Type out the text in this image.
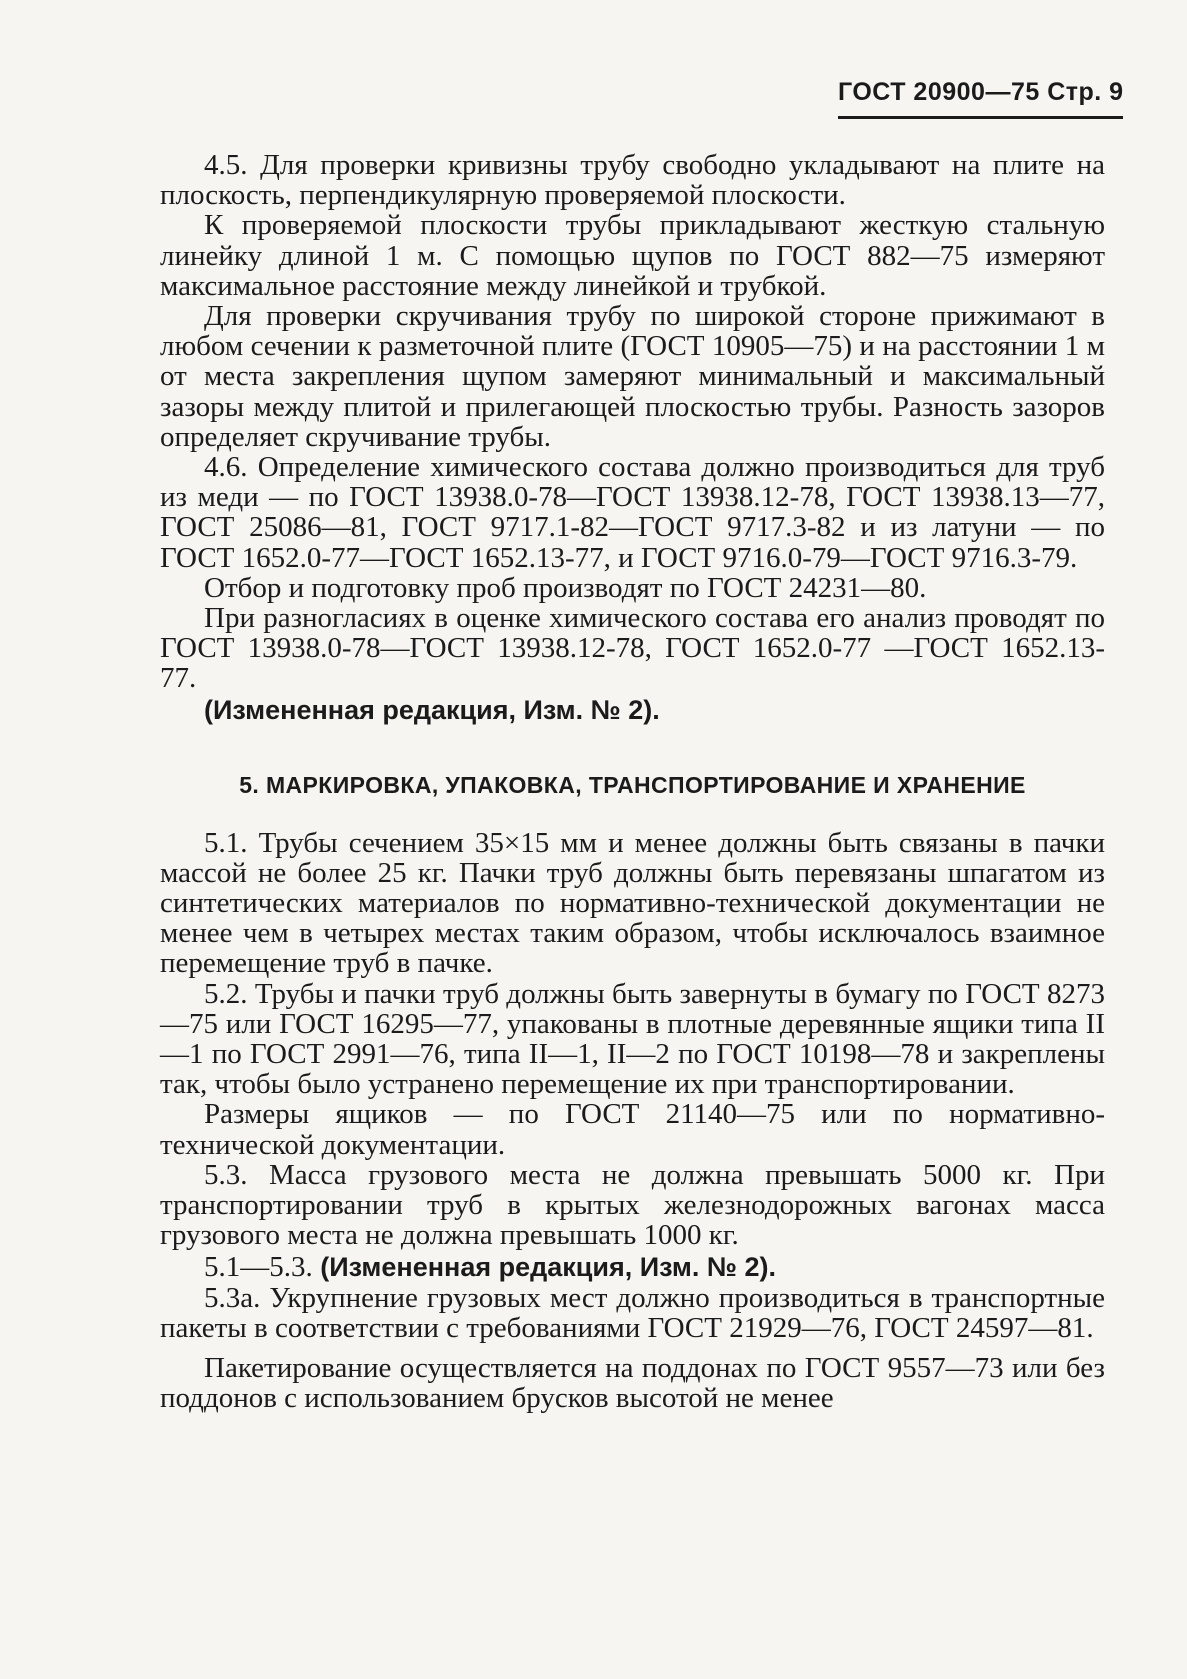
ГОСТ 20900—75 Стр. 9

4.5. Для проверки кривизны трубу свободно укладывают на плите на плоскость, перпендикулярную проверяемой плоскости.

К проверяемой плоскости трубы прикладывают жесткую стальную линейку длиной 1 м. С помощью щупов по ГОСТ 882—75 измеряют максимальное расстояние между линейкой и трубкой.

Для проверки скручивания трубу по широкой стороне прижимают в любом сечении к разметочной плите (ГОСТ 10905—75) и на расстоянии 1 м от места закрепления щупом замеряют минимальный и максимальный зазоры между плитой и прилегающей плоскостью трубы. Разность зазоров определяет скручивание трубы.

4.6. Определение химического состава должно производиться для труб из меди — по ГОСТ 13938.0-78—ГОСТ 13938.12-78, ГОСТ 13938.13—77, ГОСТ 25086—81, ГОСТ 9717.1-82—ГОСТ 9717.3-82 и из латуни — по ГОСТ 1652.0-77—ГОСТ 1652.13-77, и ГОСТ 9716.0-79—ГОСТ 9716.3-79.

Отбор и подготовку проб производят по ГОСТ 24231—80.

При разногласиях в оценке химического состава его анализ проводят по ГОСТ 13938.0-78—ГОСТ 13938.12-78, ГОСТ 1652.0-77 —ГОСТ 1652.13-77.

(Измененная редакция, Изм. № 2).

5. МАРКИРОВКА, УПАКОВКА, ТРАНСПОРТИРОВАНИЕ И ХРАНЕНИЕ

5.1. Трубы сечением 35×15 мм и менее должны быть связаны в пачки массой не более 25 кг. Пачки труб должны быть перевязаны шпагатом из синтетических материалов по нормативно-технической документации не менее чем в четырех местах таким образом, чтобы исключалось взаимное перемещение труб в пачке.

5.2. Трубы и пачки труб должны быть завернуты в бумагу по ГОСТ 8273—75 или ГОСТ 16295—77, упакованы в плотные деревянные ящики типа II—1 по ГОСТ 2991—76, типа II—1, II—2 по ГОСТ 10198—78 и закреплены так, чтобы было устранено перемещение их при транспортировании.

Размеры ящиков — по ГОСТ 21140—75 или по нормативно-технической документации.

5.3. Масса грузового места не должна превышать 5000 кг. При транспортировании труб в крытых железнодорожных вагонах масса грузового места не должна превышать 1000 кг.

5.1—5.3. (Измененная редакция, Изм. № 2).

5.3а. Укрупнение грузовых мест должно производиться в транспортные пакеты в соответствии с требованиями ГОСТ 21929—76, ГОСТ 24597—81.

Пакетирование осуществляется на поддонах по ГОСТ 9557—73 или без поддонов с использованием брусков высотой не менее
